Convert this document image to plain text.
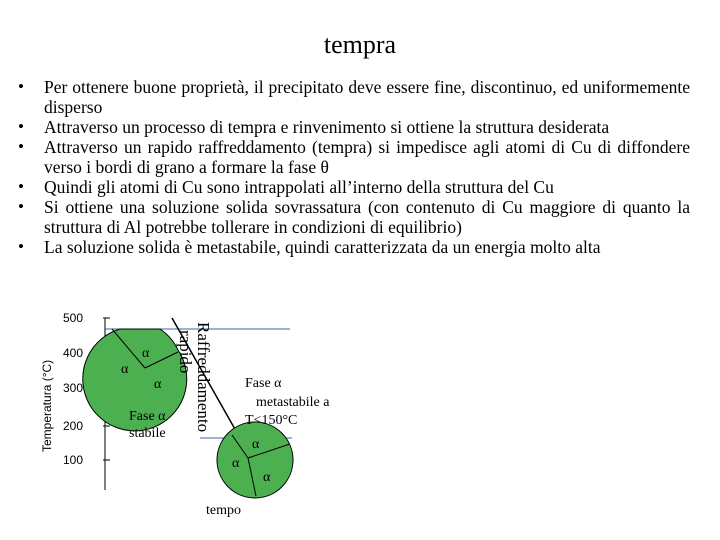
tempra
• Per ottenere buone proprietà, il precipitato deve essere fine, discontinuo, ed uniformemente disperso
• Attraverso un processo di tempra e rinvenimento si ottiene la struttura desiderata
• Attraverso un rapido raffreddamento (tempra) si impedisce agli atomi di Cu di diffondere verso i bordi di grano a formare la fase θ
• Quindi gli atomi di Cu sono intrappolati all’interno della struttura del Cu
• Si ottiene una soluzione solida sovrassatura (con contenuto di Cu maggiore di quanto la struttura di Al potrebbe tollerare in condizioni di equilibrio)
• La soluzione solida è metastabile, quindi caratterizzata da un energia molto alta
Temperatura (°C)
500
400
300
200
100
α
α
α Raffreddamento
rapido
Fase α
stabile
α
α
α
Fase α
metastabile a
T<150°C
tempo
